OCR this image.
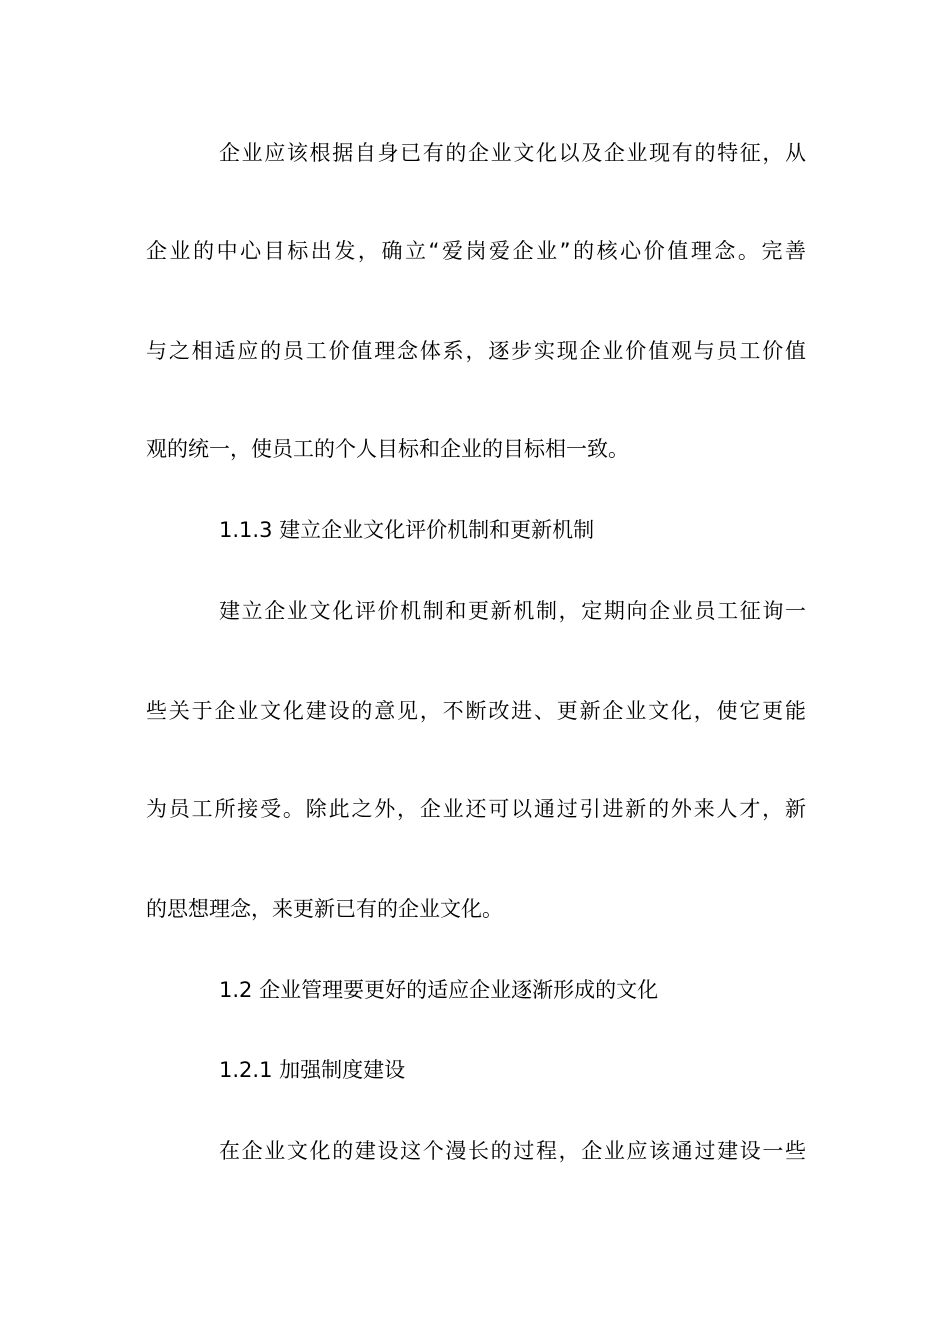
企业应该根据自身已有的企业文化以及企业现有的特征，从
企业的中心目标出发，确立“爱岗爱企业”的核心价值理念。完善
与之相适应的员工价值理念体系，逐步实现企业价值观与员工价值
观的统一，使员工的个人目标和企业的目标相一致。
1.1.3 建立企业文化评价机制和更新机制
建立企业文化评价机制和更新机制，定期向企业员工征询一
些关于企业文化建设的意见，不断改进、更新企业文化，使它更能
为员工所接受。除此之外，企业还可以通过引进新的外来人才，新
的思想理念，来更新已有的企业文化。
1.2 企业管理要更好的适应企业逐渐形成的文化
1.2.1 加强制度建设
在企业文化的建设这个漫长的过程，企业应该通过建设一些
